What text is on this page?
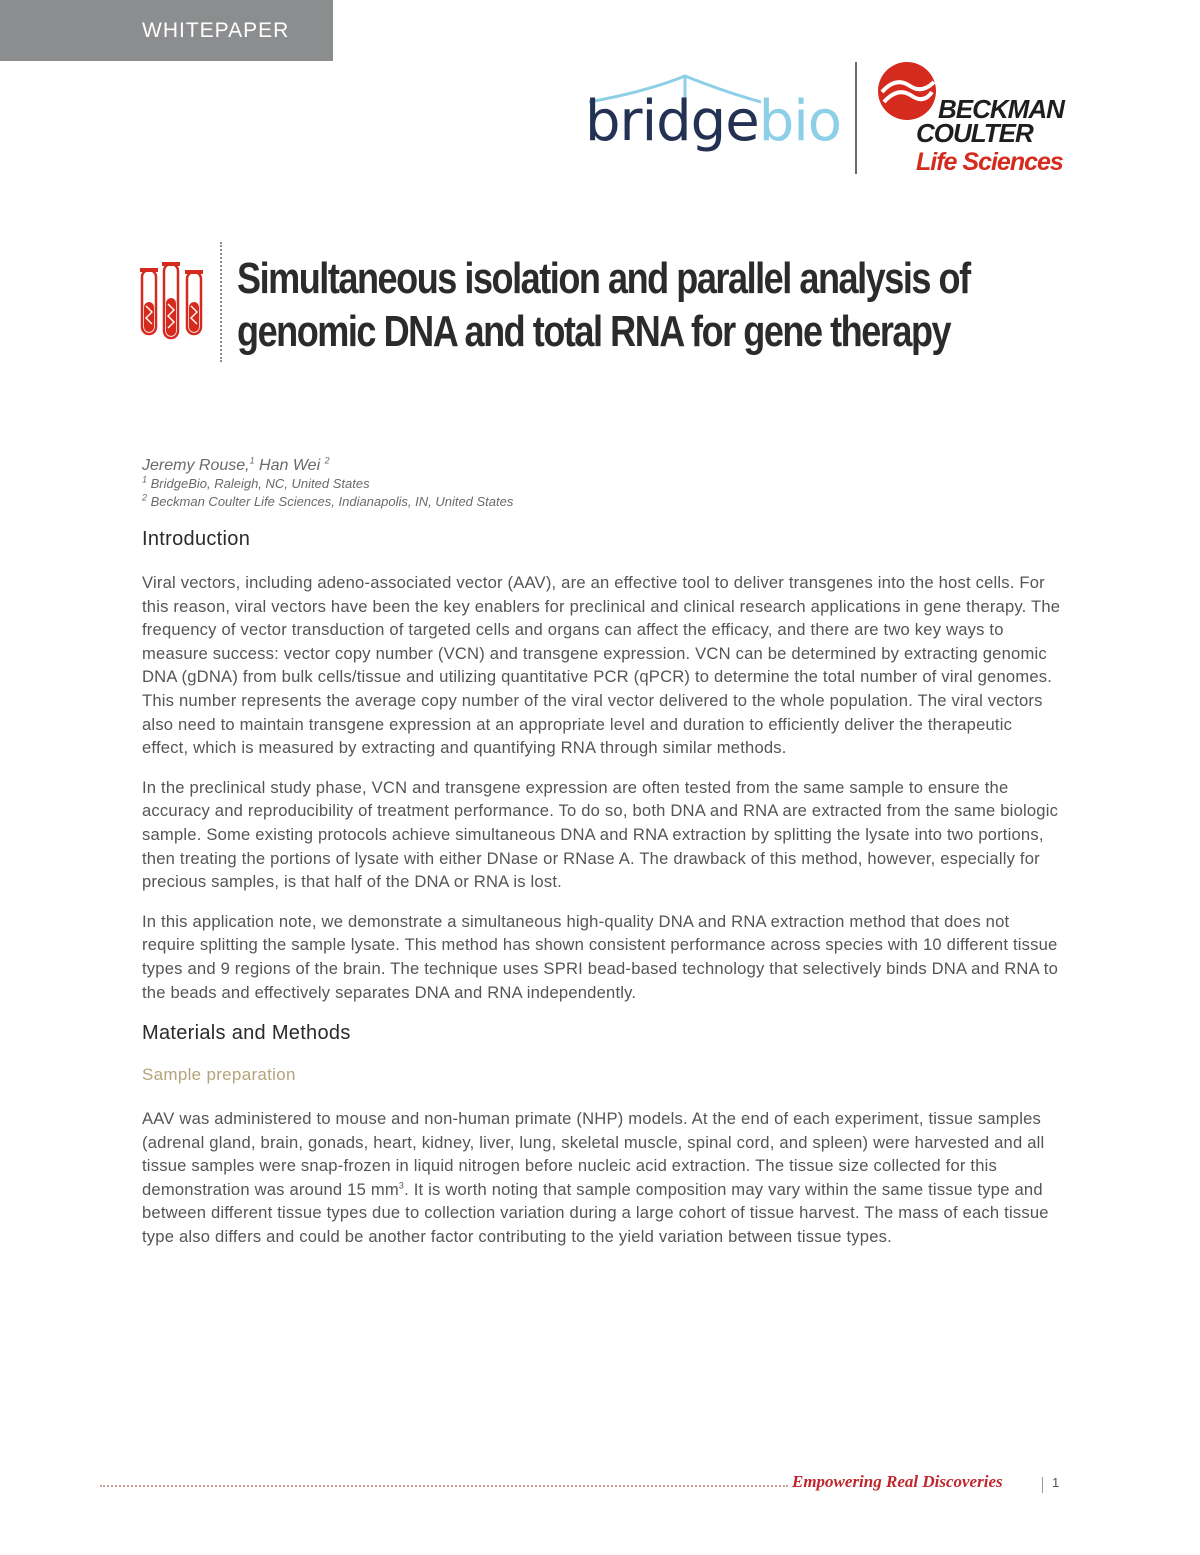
WHITEPAPER
bridgebio	BECKMAN
COULTER
Life Sciences
Simultaneous isolation and parallel analysis of
genomic DNA and total RNA for gene therapy
Jeremy Rouse,$^1$ Han Wei $^2$
$^1$ BridgeBio, Raleigh, NC, United States
$^2$ Beckman Coulter Life Sciences, Indianapolis, IN, United States
Introduction

Viral vectors, including adeno-associated vector (AAV), are an effective tool to deliver transgenes into the host cells. For this reason, viral vectors have been the key enablers for preclinical and clinical research applications in gene therapy. The frequency of vector transduction of targeted cells and organs can affect the efficacy, and there are two key ways to measure success: vector copy number (VCN) and transgene expression. VCN can be determined by extracting genomic DNA (gDNA) from bulk cells/tissue and utilizing quantitative PCR (qPCR) to determine the total number of viral genomes. This number represents the average copy number of the viral vector delivered to the whole population. The viral vectors also need to maintain transgene expression at an appropriate level and duration to efficiently deliver the therapeutic effect, which is measured by extracting and quantifying RNA through similar methods.

In the preclinical study phase, VCN and transgene expression are often tested from the same sample to ensure the accuracy and reproducibility of treatment performance. To do so, both DNA and RNA are extracted from the same biologic sample. Some existing protocols achieve simultaneous DNA and RNA extraction by splitting the lysate into two portions, then treating the portions of lysate with either DNase or RNase A. The drawback of this method, however, especially for precious samples, is that half of the DNA or RNA is lost.

In this application note, we demonstrate a simultaneous high-quality DNA and RNA extraction method that does not require splitting the sample lysate. This method has shown consistent performance across species with 10 different tissue types and 9 regions of the brain. The technique uses SPRI bead-based technology that selectively binds DNA and RNA to the beads and effectively separates DNA and RNA independently.

Materials and Methods
Sample preparation

AAV was administered to mouse and non-human primate (NHP) models. At the end of each experiment, tissue samples (adrenal gland, brain, gonads, heart, kidney, liver, lung, skeletal muscle, spinal cord, and spleen) were harvested and all tissue samples were snap-frozen in liquid nitrogen before nucleic acid extraction. The tissue size collected for this demonstration was around 15 $mm^3$. It is worth noting that sample composition may vary within the same tissue type and between different tissue types due to collection variation during a large cohort of tissue harvest. The mass of each tissue type also differs and could be another factor contributing to the yield variation between tissue types.

Empowering Real Discoveries	1
